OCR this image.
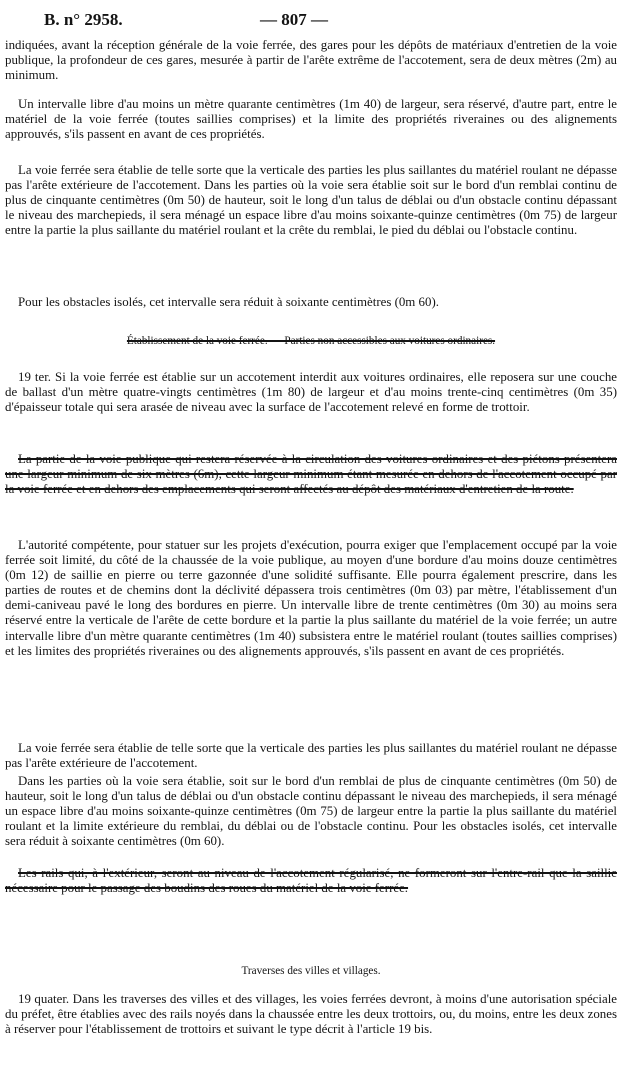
B. n° 2958.	— 807 —
indiquées, avant la réception générale de la voie ferrée, des gares pour les dépôts de matériaux d'entretien de la voie publique, la profondeur de ces gares, mesurée à partir de l'arête extrême de l'accotement, sera de deux mètres (2m) au minimum.
Un intervalle libre d'au moins un mètre quarante centimètres (1m 40) de largeur, sera réservé, d'autre part, entre le matériel de la voie ferrée (toutes saillies comprises) et la limite des propriétés riveraines ou des alignements approuvés, s'ils passent en avant de ces propriétés.
La voie ferrée sera établie de telle sorte que la verticale des parties les plus saillantes du matériel roulant ne dépasse pas l'arête extérieure de l'accotement. Dans les parties où la voie sera établie soit sur le bord d'un remblai continu de plus de cinquante centimètres (0m 50) de hauteur, soit le long d'un talus de déblai ou d'un obstacle continu dépassant le niveau des marchepieds, il sera ménagé un espace libre d'au moins soixante-quinze centimètres (0m 75) de largeur entre la partie la plus saillante du matériel roulant et la crête du remblai, le pied du déblai ou l'obstacle continu.
Pour les obstacles isolés, cet intervalle sera réduit à soixante centimètres (0m 60).
Établissement de la voie ferrée. — Parties non accessibles aux voitures ordinaires.
19 ter. Si la voie ferrée est établie sur un accotement interdit aux voitures ordinaires, elle reposera sur une couche de ballast d'un mètre quatre-vingts centimètres (1m 80) de largeur et d'au moins trente-cinq centimètres (0m 35) d'épaisseur totale qui sera arasée de niveau avec la surface de l'accotement relevé en forme de trottoir.
La partie de la voie publique qui restera réservée à la circulation des voitures ordinaires et des piétons présentera une largeur minimum de six mètres (6m), cette largeur minimum étant mesurée en dehors de l'accotement occupé par la voie ferrée et en dehors des emplacements qui seront affectés au dépôt des matériaux d'entretien de la route.
L'autorité compétente, pour statuer sur les projets d'exécution, pourra exiger que l'emplacement occupé par la voie ferrée soit limité, du côté de la chaussée de la voie publique, au moyen d'une bordure d'au moins douze centimètres (0m 12) de saillie en pierre ou terre gazonnée d'une solidité suffisante. Elle pourra également prescrire, dans les parties de routes et de chemins dont la déclivité dépassera trois centimètres (0m 03) par mètre, l'établissement d'un demi-caniveau pavé le long des bordures en pierre. Un intervalle libre de trente centimètres (0m 30) au moins sera réservé entre la verticale de l'arête de cette bordure et la partie la plus saillante du matériel de la voie ferrée; un autre intervalle libre d'un mètre quarante centimètres (1m 40) subsistera entre le matériel roulant (toutes saillies comprises) et les limites des propriétés riveraines ou des alignements approuvés, s'ils passent en avant de ces propriétés.
La voie ferrée sera établie de telle sorte que la verticale des parties les plus saillantes du matériel roulant ne dépasse pas l'arête extérieure de l'accotement.
Dans les parties où la voie sera établie, soit sur le bord d'un remblai de plus de cinquante centimètres (0m 50) de hauteur, soit le long d'un talus de déblai ou d'un obstacle continu dépassant le niveau des marchepieds, il sera ménagé un espace libre d'au moins soixante-quinze centimètres (0m 75) de largeur entre la partie la plus saillante du matériel roulant et la limite extérieure du remblai, du déblai ou de l'obstacle continu. Pour les obstacles isolés, cet intervalle sera réduit à soixante centimètres (0m 60).
Les rails qui, à l'extérieur, seront au niveau de l'accotement régularisé, ne formeront sur l'entre-rail que la saillie nécessaire pour le passage des boudins des roues du matériel de la voie ferrée.
Traverses des villes et villages.
19 quater. Dans les traverses des villes et des villages, les voies ferrées devront, à moins d'une autorisation spéciale du préfet, être établies avec des rails noyés dans la chaussée entre les deux trottoirs, ou, du moins, entre les deux zones à réserver pour l'établissement de trottoirs et suivant le type décrit à l'article 19 bis.
